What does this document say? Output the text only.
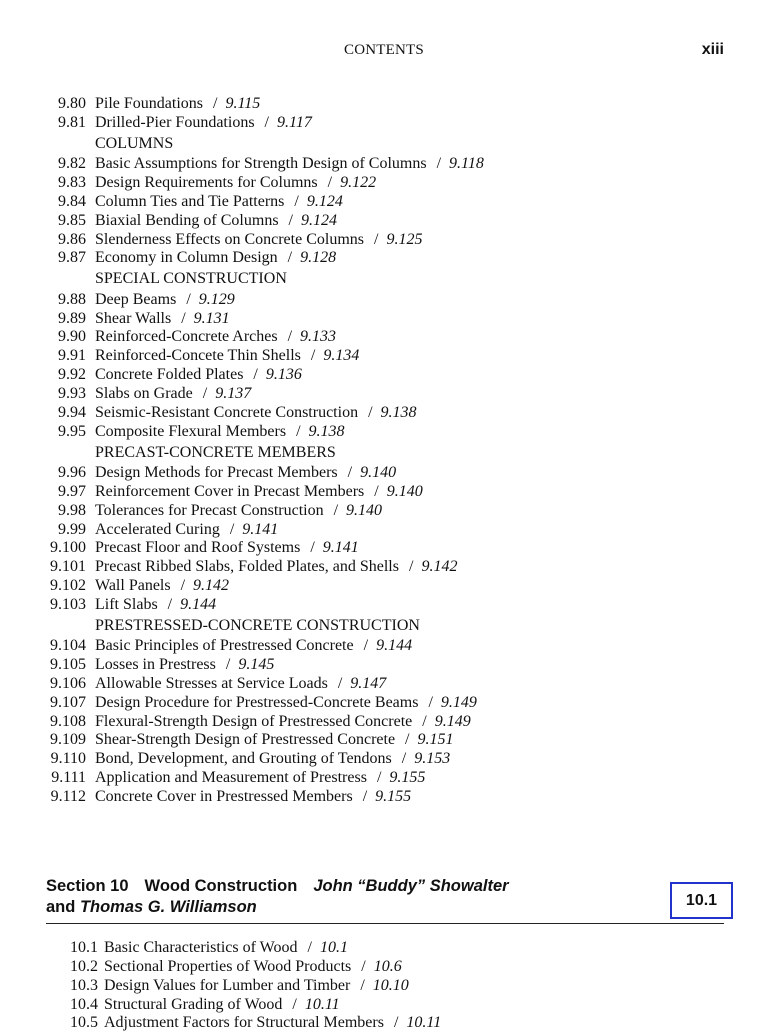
CONTENTS	xiii
9.80 Pile Foundations / 9.115
9.81 Drilled-Pier Foundations / 9.117
COLUMNS
9.82 Basic Assumptions for Strength Design of Columns / 9.118
9.83 Design Requirements for Columns / 9.122
9.84 Column Ties and Tie Patterns / 9.124
9.85 Biaxial Bending of Columns / 9.124
9.86 Slenderness Effects on Concrete Columns / 9.125
9.87 Economy in Column Design / 9.128
SPECIAL CONSTRUCTION
9.88 Deep Beams / 9.129
9.89 Shear Walls / 9.131
9.90 Reinforced-Concrete Arches / 9.133
9.91 Reinforced-Concete Thin Shells / 9.134
9.92 Concrete Folded Plates / 9.136
9.93 Slabs on Grade / 9.137
9.94 Seismic-Resistant Concrete Construction / 9.138
9.95 Composite Flexural Members / 9.138
PRECAST-CONCRETE MEMBERS
9.96 Design Methods for Precast Members / 9.140
9.97 Reinforcement Cover in Precast Members / 9.140
9.98 Tolerances for Precast Construction / 9.140
9.99 Accelerated Curing / 9.141
9.100 Precast Floor and Roof Systems / 9.141
9.101 Precast Ribbed Slabs, Folded Plates, and Shells / 9.142
9.102 Wall Panels / 9.142
9.103 Lift Slabs / 9.144
PRESTRESSED-CONCRETE CONSTRUCTION
9.104 Basic Principles of Prestressed Concrete / 9.144
9.105 Losses in Prestress / 9.145
9.106 Allowable Stresses at Service Loads / 9.147
9.107 Design Procedure for Prestressed-Concrete Beams / 9.149
9.108 Flexural-Strength Design of Prestressed Concrete / 9.149
9.109 Shear-Strength Design of Prestressed Concrete / 9.151
9.110 Bond, Development, and Grouting of Tendons / 9.153
9.111 Application and Measurement of Prestress / 9.155
9.112 Concrete Cover in Prestressed Members / 9.155
Section 10 Wood Construction John “Buddy” Showalter
and Thomas G. Williamson	10.1
10.1 Basic Characteristics of Wood / 10.1
10.2 Sectional Properties of Wood Products / 10.6
10.3 Design Values for Lumber and Timber / 10.10
10.4 Structural Grading of Wood / 10.11
10.5 Adjustment Factors for Structural Members / 10.11
